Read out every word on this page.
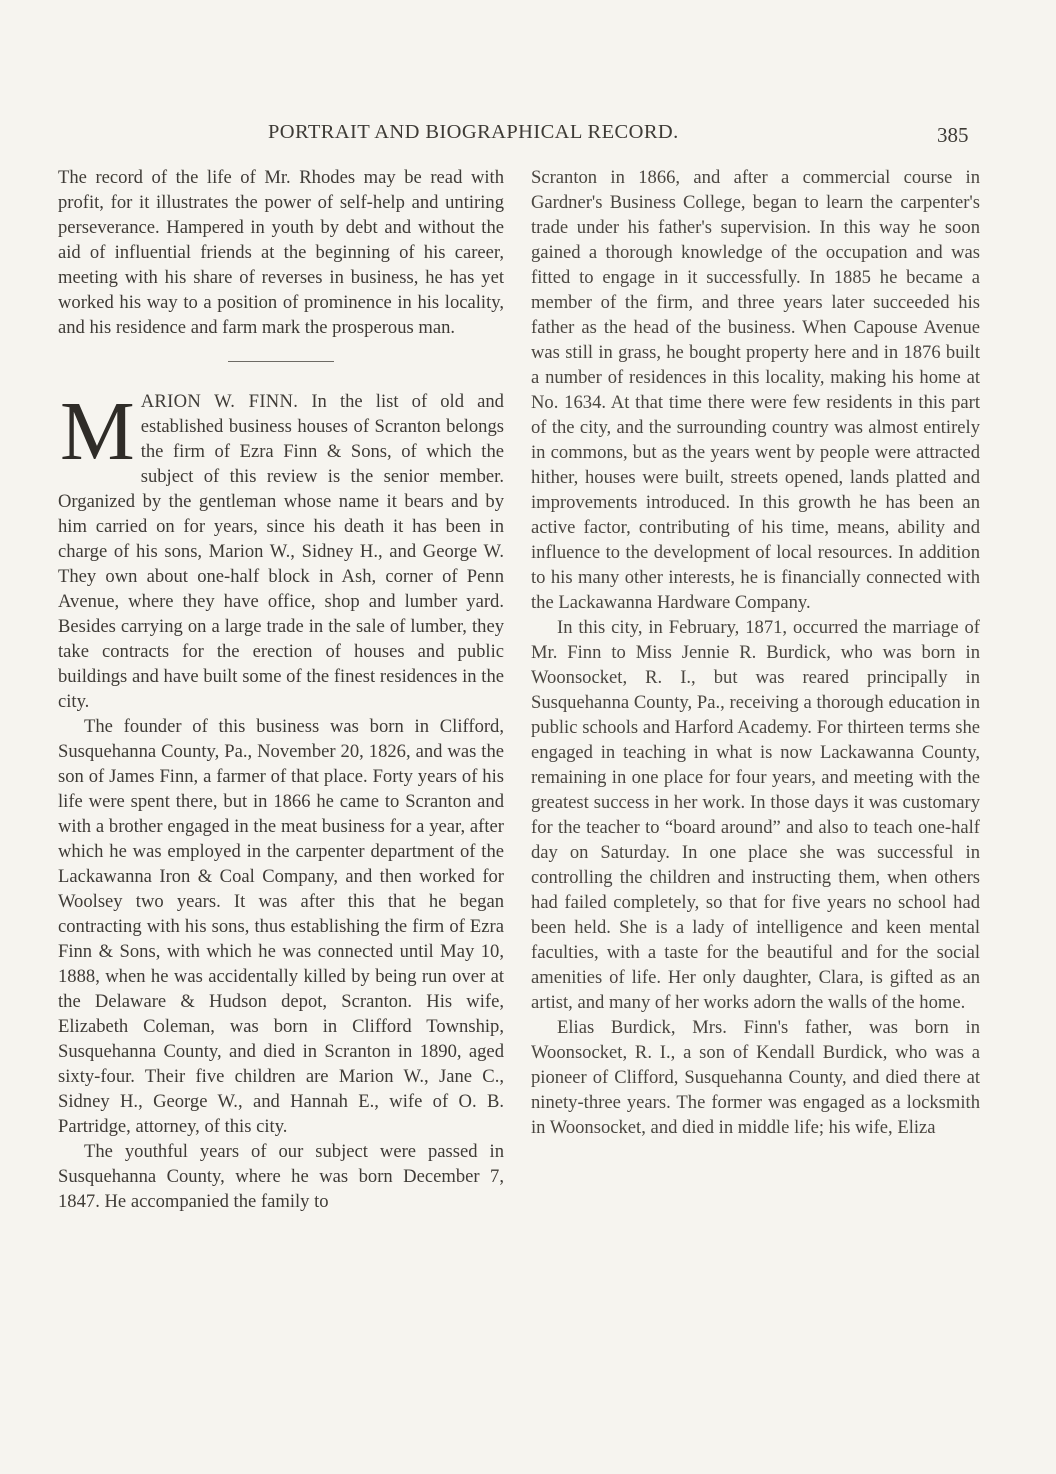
PORTRAIT AND BIOGRAPHICAL RECORD.	385

The record of the life of Mr. Rhodes may be read with profit, for it illustrates the power of self-help and untiring perseverance. Hampered in youth by debt and without the aid of influential friends at the beginning of his career, meeting with his share of reverses in business, he has yet worked his way to a position of prominence in his locality, and his residence and farm mark the prosperous man.

MARION W. FINN. In the list of old and established business houses of Scranton belongs the firm of Ezra Finn & Sons, of which the subject of this review is the senior member. Organized by the gentleman whose name it bears and by him carried on for years, since his death it has been in charge of his sons, Marion W., Sidney H., and George W. They own about one-half block in Ash, corner of Penn Avenue, where they have office, shop and lumber yard. Besides carrying on a large trade in the sale of lumber, they take contracts for the erection of houses and public buildings and have built some of the finest residences in the city.

The founder of this business was born in Clifford, Susquehanna County, Pa., November 20, 1826, and was the son of James Finn, a farmer of that place. Forty years of his life were spent there, but in 1866 he came to Scranton and with a brother engaged in the meat business for a year, after which he was employed in the carpenter department of the Lackawanna Iron & Coal Company, and then worked for Woolsey two years. It was after this that he began contracting with his sons, thus establishing the firm of Ezra Finn & Sons, with which he was connected until May 10, 1888, when he was accidentally killed by being run over at the Delaware & Hudson depot, Scranton. His wife, Elizabeth Coleman, was born in Clifford Township, Susquehanna County, and died in Scranton in 1890, aged sixty-four. Their five children are Marion W., Jane C., Sidney H., George W., and Hannah E., wife of O. B. Partridge, attorney, of this city.

The youthful years of our subject were passed in Susquehanna County, where he was born December 7, 1847. He accompanied the family to

Scranton in 1866, and after a commercial course in Gardner's Business College, began to learn the carpenter's trade under his father's supervision. In this way he soon gained a thorough knowledge of the occupation and was fitted to engage in it successfully. In 1885 he became a member of the firm, and three years later succeeded his father as the head of the business. When Capouse Avenue was still in grass, he bought property here and in 1876 built a number of residences in this locality, making his home at No. 1634. At that time there were few residents in this part of the city, and the surrounding country was almost entirely in commons, but as the years went by people were attracted hither, houses were built, streets opened, lands platted and improvements introduced. In this growth he has been an active factor, contributing of his time, means, ability and influence to the development of local resources. In addition to his many other interests, he is financially connected with the Lackawanna Hardware Company.

In this city, in February, 1871, occurred the marriage of Mr. Finn to Miss Jennie R. Burdick, who was born in Woonsocket, R. I., but was reared principally in Susquehanna County, Pa., receiving a thorough education in public schools and Harford Academy. For thirteen terms she engaged in teaching in what is now Lackawanna County, remaining in one place for four years, and meeting with the greatest success in her work. In those days it was customary for the teacher to “board around” and also to teach one-half day on Saturday. In one place she was successful in controlling the children and instructing them, when others had failed completely, so that for five years no school had been held. She is a lady of intelligence and keen mental faculties, with a taste for the beautiful and for the social amenities of life. Her only daughter, Clara, is gifted as an artist, and many of her works adorn the walls of the home.

Elias Burdick, Mrs. Finn's father, was born in Woonsocket, R. I., a son of Kendall Burdick, who was a pioneer of Clifford, Susquehanna County, and died there at ninety-three years. The former was engaged as a locksmith in Woonsocket, and died in middle life; his wife, Eliza
